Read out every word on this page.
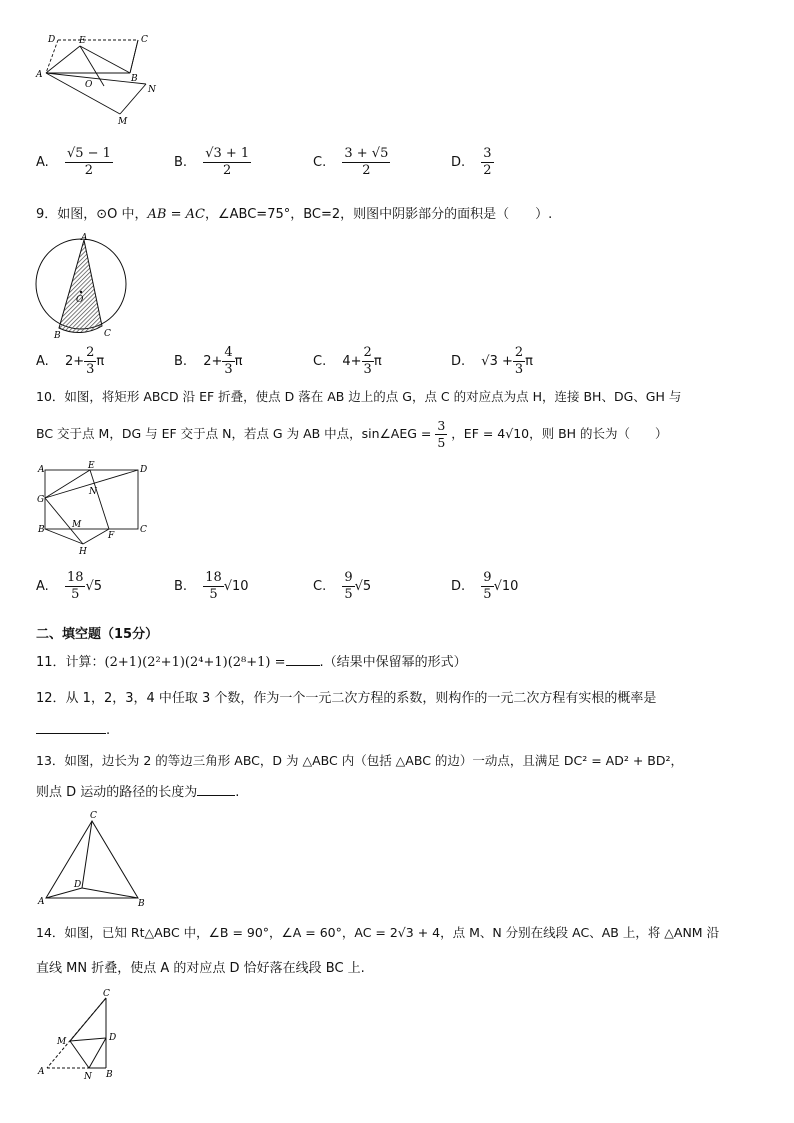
D	E	C
A
O
B
N
M
A. $\frac{√5 - 1}{2}$	B. $\frac{√3 + 1}{2}$	C. $\frac{3 + √5}{2}$	D. $\frac{3}{2}$
9．如图，⊙O 中，AB = AC，∠ABC=75°，BC=2，则图中阴影部分的面积是（　　）.
A
O
B	C
A. $2+ \frac{2}{3}$ π	B. $2+ \frac{4}{3}$ π	C. $4+ \frac{2}{3}$ π	D. $√3 + \frac{2}{3}$ π
10．如图，将矩形 ABCD 沿 EF 折叠，使点 D 落在 AB 边上的点 G，点 C 的对应点为点 H，连接 BH、DG、GH 与
BC 交于点 M，DG 与 EF 交于点 N，若点 G 为 AB 中点，sin∠AEG = $\frac{3}{5}$ ，EF = 4√10，则 BH 的长为（　　）
A	E	D
N
G
B	M
F
C
H
A. $\frac{18}{5} √5$	B. $\frac{18}{5} √10$	C. $\frac{9}{5} √5$	D. $\frac{9}{5} √10$
二、填空题（15分）
11．计算：(2+1)(2²+1)(2⁴+1)(2⁸+1) =	.（结果中保留幂的形式）
12．从 1，2，3，4 中任取 3 个数，作为一个一元二次方程的系数，则构作的一元二次方程有实根的概率是
.
13．如图，边长为 2 的等边三角形 ABC，D 为 △ABC 内（包括 △ABC 的边）一动点，且满足 DC² = AD² + BD²，
则点 D 运动的路径的长度为	.
C
D
A	B
14．如图，已知 Rt△ABC 中，∠B = 90°，∠A = 60°，AC = 2√3 + 4，点 M、N 分别在线段 AC、AB 上，将 △ANM 沿
直线 MN 折叠，使点 A 的对应点 D 恰好落在线段 BC 上.
C
M	D
A	N B
